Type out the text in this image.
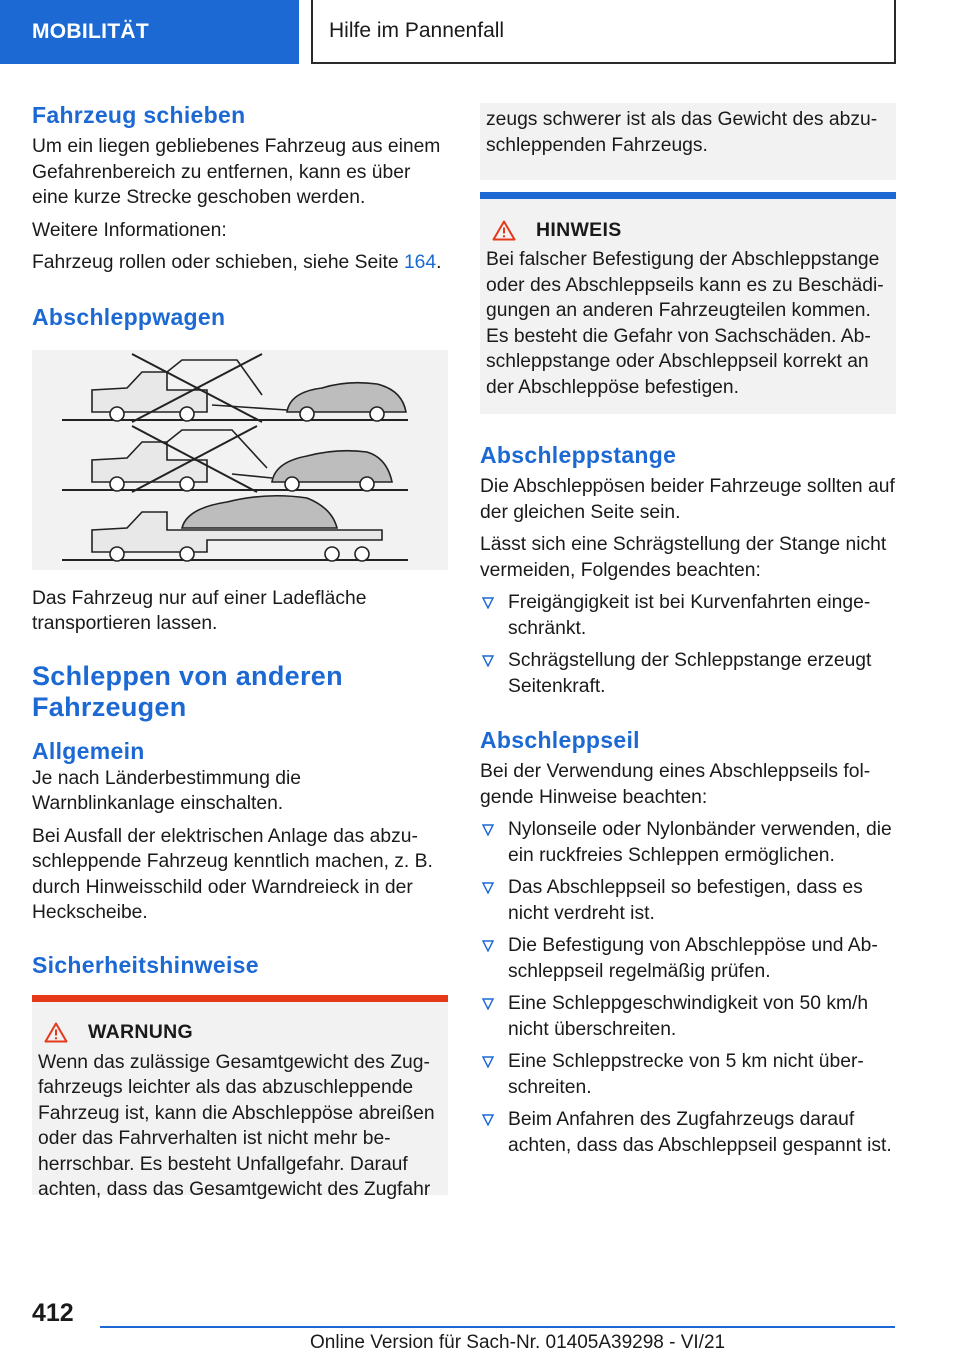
MOBILITÄT	Hilfe im Pannenfall
Fahrzeug schieben

Um ein liegen gebliebenes Fahrzeug aus einem Gefahrenbereich zu entfernen, kann es über eine kurze Strecke geschoben werden.

Weitere Informationen:

Fahrzeug rollen oder schieben, siehe Seite 164.

Abschleppwagen

Das Fahrzeug nur auf einer Ladefläche transportieren lassen.

Schleppen von anderen Fahrzeugen
Allgemein

Je nach Länderbestimmung die Warnblinkanlage einschalten.

Bei Ausfall der elektrischen Anlage das abzuschleppende Fahrzeug kenntlich machen, z. B. durch Hinweisschild oder Warndreieck in der Heckscheibe.

Sicherheitshinweise
WARNUNG

Wenn das zulässige Gesamtgewicht des Zugfahrzeugs leichter als das abzuschleppende Fahrzeug ist, kann die Abschleppöse abreißen oder das Fahrverhalten ist nicht mehr beherrschbar. Es besteht Unfallgefahr. Darauf achten, dass das Gesamtgewicht des Zugfahr

zeugs schwerer ist als das Gewicht des abzuschleppenden Fahrzeugs.

HINWEIS

Bei falscher Befestigung der Abschleppstange oder des Abschleppseils kann es zu Beschädigungen an anderen Fahrzeugteilen kommen. Es besteht die Gefahr von Sachschäden. Abschleppstange oder Abschleppseil korrekt an der Abschleppöse befestigen.

Abschleppstange

Die Abschleppösen beider Fahrzeuge sollten auf der gleichen Seite sein.

Lässt sich eine Schrägstellung der Stange nicht vermeiden, Folgendes beachten:

Freigängigkeit ist bei Kurvenfahrten eingeschränkt.
Schrägstellung der Schleppstange erzeugt Seitenkraft.
Abschleppseil

Bei der Verwendung eines Abschleppseils folgende Hinweise beachten:

Nylonseile oder Nylonbänder verwenden, die ein ruckfreies Schleppen ermöglichen.
Das Abschleppseil so befestigen, dass es nicht verdreht ist.
Die Befestigung von Abschleppöse und Abschleppseil regelmäßig prüfen.
Eine Schleppgeschwindigkeit von 50 km/h nicht überschreiten.
Eine Schleppstrecke von 5 km nicht überschreiten.
Beim Anfahren des Zugfahrzeugs darauf achten, dass das Abschleppseil gespannt ist.
412
Online Version für Sach-Nr. 01405A39298 - VI/21
